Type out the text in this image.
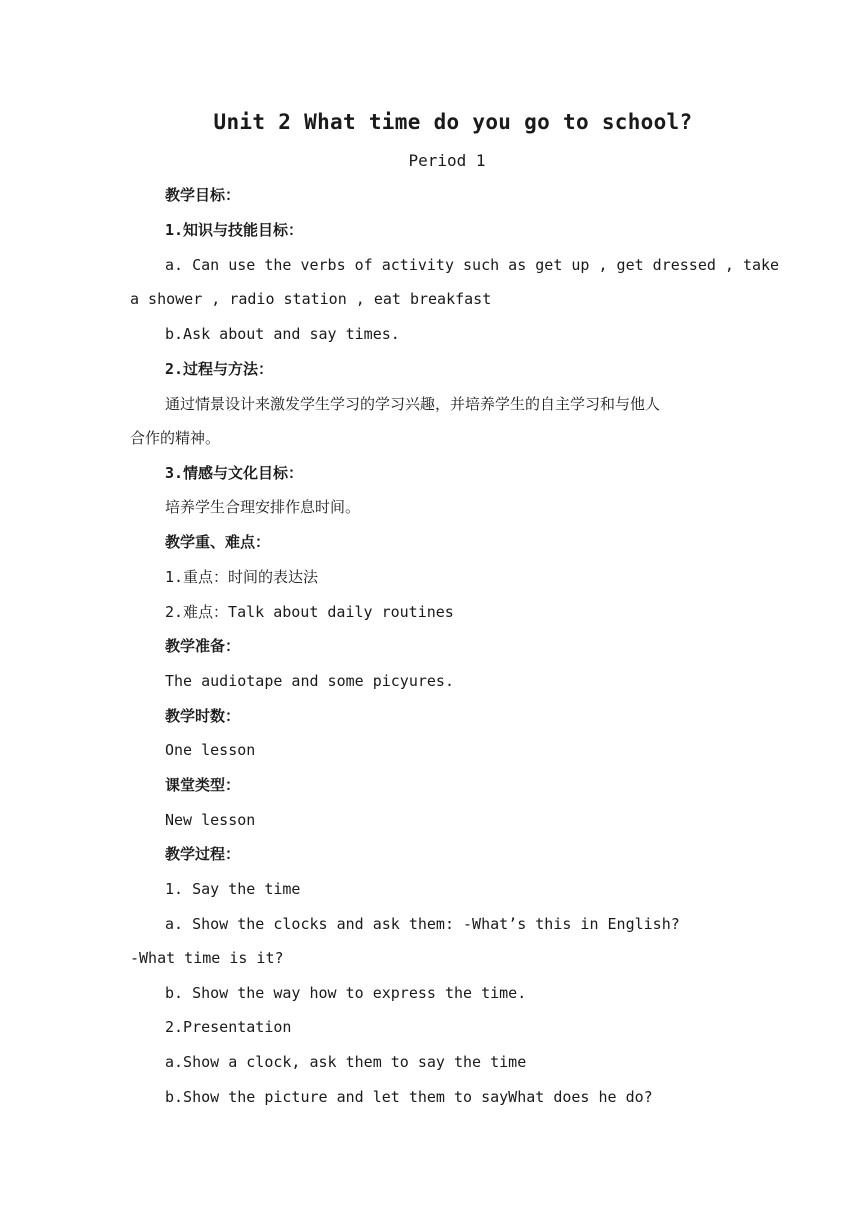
Unit 2 What time do you go to school?
Period 1
教学目标：
1.知识与技能目标：
a. Can use the verbs of activity such as get up , get dressed , take
a shower , radio station , eat breakfast
b.Ask about and say times.
2.过程与方法：
通过情景设计来激发学生学习的学习兴趣，并培养学生的自主学习和与他人
合作的精神。
3.情感与文化目标：
培养学生合理安排作息时间。
教学重、难点：
1.重点：时间的表达法
2.难点：Talk about daily routines
教学准备：
The audiotape and some picyures.
教学时数：
One lesson
课堂类型：
New lesson
教学过程：
1. Say the time
a. Show the clocks and ask them: -What’s this in English?
-What time is it?
b. Show the way how to express the time.
2.Presentation
a.Show a clock, ask them to say the time
b.Show the picture and let them to sayWhat does he do?
